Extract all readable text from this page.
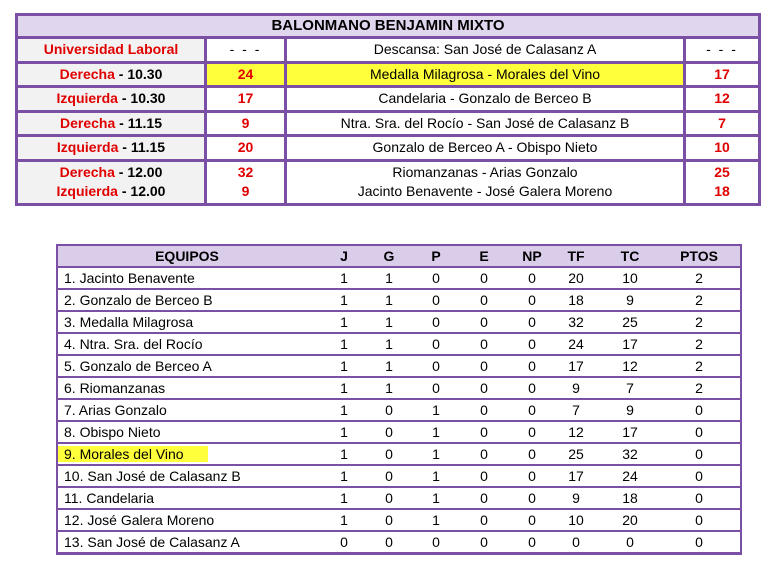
BALONMANO BENJAMIN MIXTO
Universidad Laboral	- - -	Descansa: San José de Calasanz A	- - -
Derecha - 10.30	24	Medalla Milagrosa - Morales del Vino	17
Izquierda - 10.30	17	Candelaria - Gonzalo de Berceo B	12
Derecha - 11.15	9	Ntra. Sra. del Rocío - San José de Calasanz B	7
Izquierda - 11.15	20	Gonzalo de Berceo A - Obispo Nieto	10
Derecha - 12.00	32	Riomanzanas - Arias Gonzalo	25
Izquierda - 12.00	9	Jacinto Benavente - José Galera Moreno	18
EQUIPOS	J	G	P	E	NP	TF	TC	PTOS
1. Jacinto Benavente	1	1	0	0	0	20	10	2
2. Gonzalo de Berceo B	1	1	0	0	0	18	9	2
3. Medalla Milagrosa	1	1	0	0	0	32	25	2
4. Ntra. Sra. del Rocío	1	1	0	0	0	24	17	2
5. Gonzalo de Berceo A	1	1	0	0	0	17	12	2
6. Riomanzanas	1	1	0	0	0	9	7	2
7. Arias Gonzalo	1	0	1	0	0	7	9	0
8. Obispo Nieto	1	0	1	0	0	12	17	0
9. Morales del Vino	1	0	1	0	0	25	32	0
10. San José de Calasanz B	1	0	1	0	0	17	24	0
11. Candelaria	1	0	1	0	0	9	18	0
12. José Galera Moreno	1	0	1	0	0	10	20	0
13. San José de Calasanz A	0	0	0	0	0	0	0	0
